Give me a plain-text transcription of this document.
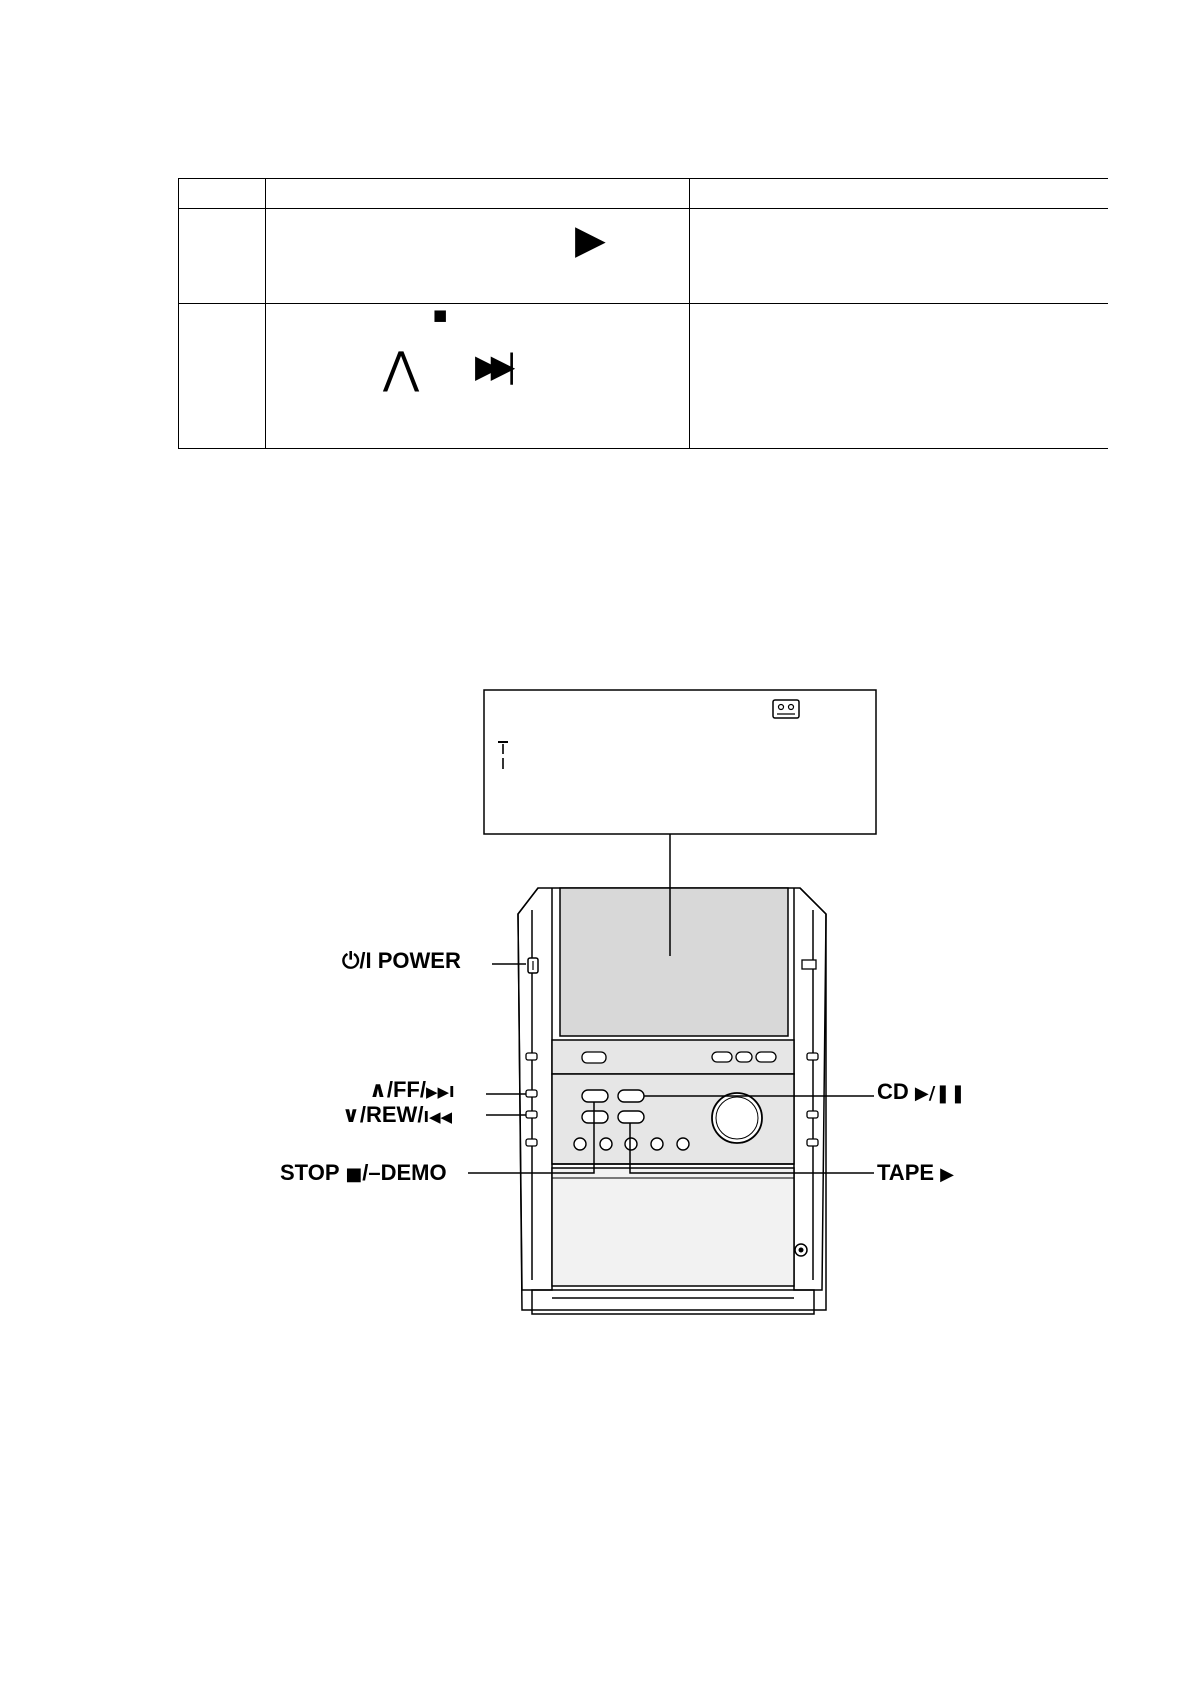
▶
■
⋀ ▶▶|
⏻/I POWER
∧/FF/▶▶I
∨/REW/I◀◀
STOP ■/–DEMO
CD ▶/❚❚
TAPE ▶
